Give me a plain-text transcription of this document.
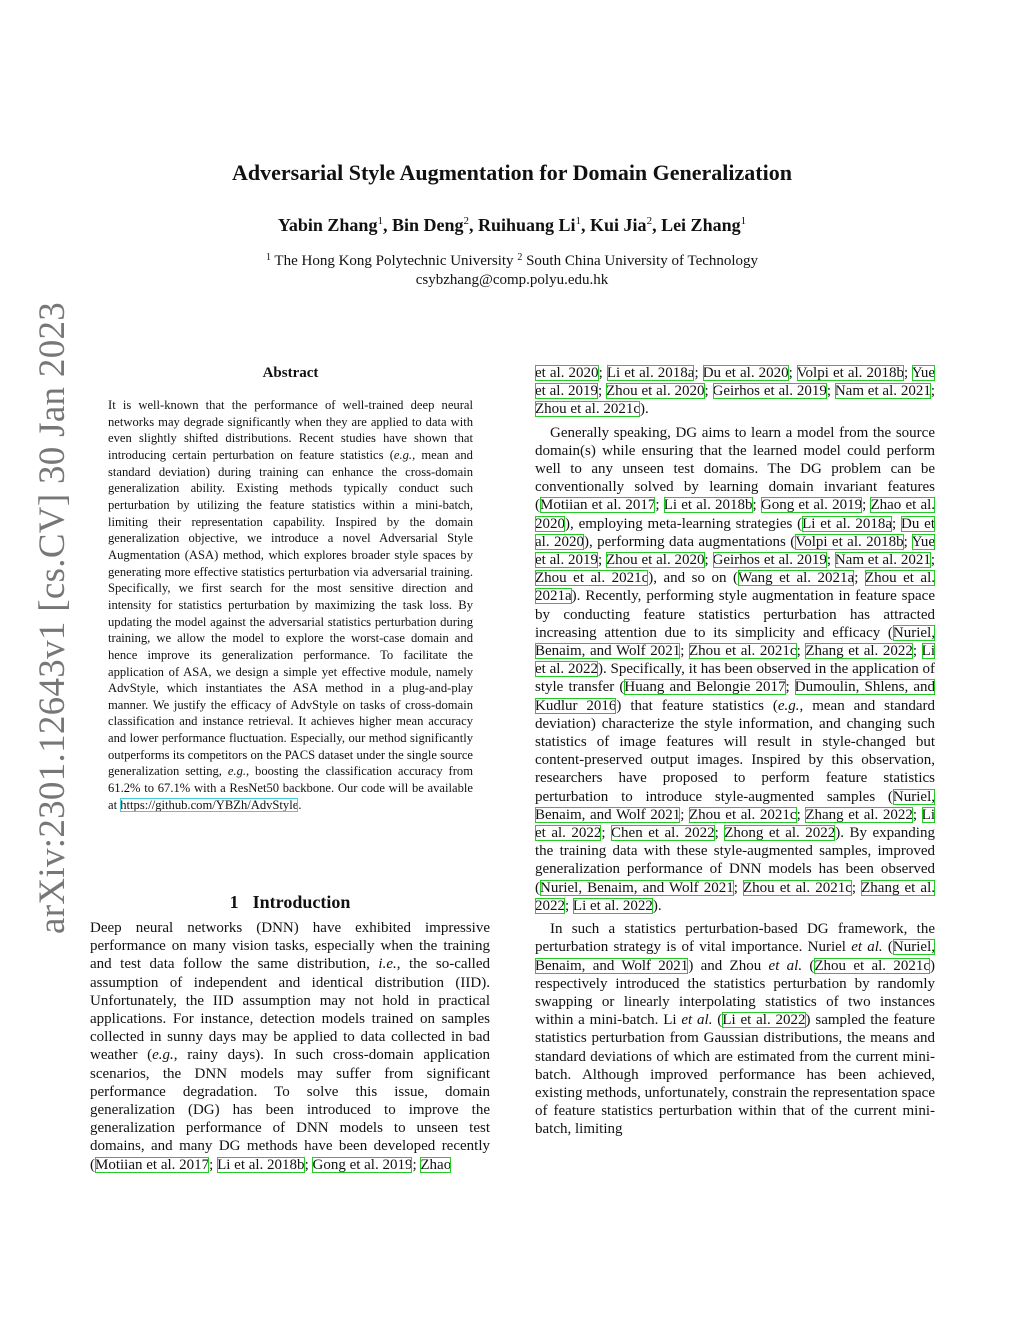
arXiv:2301.12643v1 [cs.CV] 30 Jan 2023
Adversarial Style Augmentation for Domain Generalization
Yabin Zhang$^1$, Bin Deng$^2$, Ruihuang Li$^1$, Kui Jia$^2$, Lei Zhang$^1$
$^1$ The Hong Kong Polytechnic University $^2$ South China University of Technology
csybzhang@comp.polyu.edu.hk
Abstract
It is well-known that the performance of well-trained deep neural networks may degrade significantly when they are applied to data with even slightly shifted distributions. Recent studies have shown that introducing certain perturbation on feature statistics (e.g., mean and standard deviation) during training can enhance the cross-domain generalization ability. Existing methods typically conduct such perturbation by utilizing the feature statistics within a mini-batch, limiting their representation capability. Inspired by the domain generalization objective, we introduce a novel Adversarial Style Augmentation (ASA) method, which explores broader style spaces by generating more effective statistics perturbation via adversarial training. Specifically, we first search for the most sensitive direction and intensity for statistics perturbation by maximizing the task loss. By updating the model against the adversarial statistics perturbation during training, we allow the model to explore the worst-case domain and hence improve its generalization performance. To facilitate the application of ASA, we design a simple yet effective module, namely AdvStyle, which instantiates the ASA method in a plug-and-play manner. We justify the efficacy of AdvStyle on tasks of cross-domain classification and instance retrieval. It achieves higher mean accuracy and lower performance fluctuation. Especially, our method significantly outperforms its competitors on the PACS dataset under the single source generalization setting, e.g., boosting the classification accuracy from 61.2% to 67.1% with a ResNet50 backbone. Our code will be available at https://github.com/YBZh/AdvStyle.
1 Introduction

Deep neural networks (DNN) have exhibited impressive performance on many vision tasks, especially when the training and test data follow the same distribution, i.e., the so-called assumption of independent and identical distribution (IID). Unfortunately, the IID assumption may not hold in practical applications. For instance, detection models trained on samples collected in sunny days may be applied to data collected in bad weather (e.g., rainy days). In such cross-domain application scenarios, the DNN models may suffer from significant performance degradation. To solve this issue, domain generalization (DG) has been introduced to improve the generalization performance of DNN models to unseen test domains, and many DG methods have been developed recently (Motiian et al. 2017; Li et al. 2018b; Gong et al. 2019; Zhao

et al. 2020; Li et al. 2018a; Du et al. 2020; Volpi et al. 2018b; Yue et al. 2019; Zhou et al. 2020; Geirhos et al. 2019; Nam et al. 2021; Zhou et al. 2021c).

Generally speaking, DG aims to learn a model from the source domain(s) while ensuring that the learned model could perform well to any unseen test domains. The DG problem can be conventionally solved by learning domain invariant features (Motiian et al. 2017; Li et al. 2018b; Gong et al. 2019; Zhao et al. 2020), employing meta-learning strategies (Li et al. 2018a; Du et al. 2020), performing data augmentations (Volpi et al. 2018b; Yue et al. 2019; Zhou et al. 2020; Geirhos et al. 2019; Nam et al. 2021; Zhou et al. 2021c), and so on (Wang et al. 2021a; Zhou et al. 2021a). Recently, performing style augmentation in feature space by conducting feature statistics perturbation has attracted increasing attention due to its simplicity and efficacy (Nuriel, Benaim, and Wolf 2021; Zhou et al. 2021c; Zhang et al. 2022; Li et al. 2022). Specifically, it has been observed in the application of style transfer (Huang and Belongie 2017; Dumoulin, Shlens, and Kudlur 2016) that feature statistics (e.g., mean and standard deviation) characterize the style information, and changing such statistics of image features will result in style-changed but content-preserved output images. Inspired by this observation, researchers have proposed to perform feature statistics perturbation to introduce style-augmented samples (Nuriel, Benaim, and Wolf 2021; Zhou et al. 2021c; Zhang et al. 2022; Li et al. 2022; Chen et al. 2022; Zhong et al. 2022). By expanding the training data with these style-augmented samples, improved generalization performance of DNN models has been observed (Nuriel, Benaim, and Wolf 2021; Zhou et al. 2021c; Zhang et al. 2022; Li et al. 2022).

In such a statistics perturbation-based DG framework, the perturbation strategy is of vital importance. Nuriel et al. (Nuriel, Benaim, and Wolf 2021) and Zhou et al. (Zhou et al. 2021c) respectively introduced the statistics perturbation by randomly swapping or linearly interpolating statistics of two instances within a mini-batch. Li et al. (Li et al. 2022) sampled the feature statistics perturbation from Gaussian distributions, the means and standard deviations of which are estimated from the current mini-batch. Although improved performance has been achieved, existing methods, unfortunately, constrain the representation space of feature statistics perturbation within that of the current mini-batch, limiting
